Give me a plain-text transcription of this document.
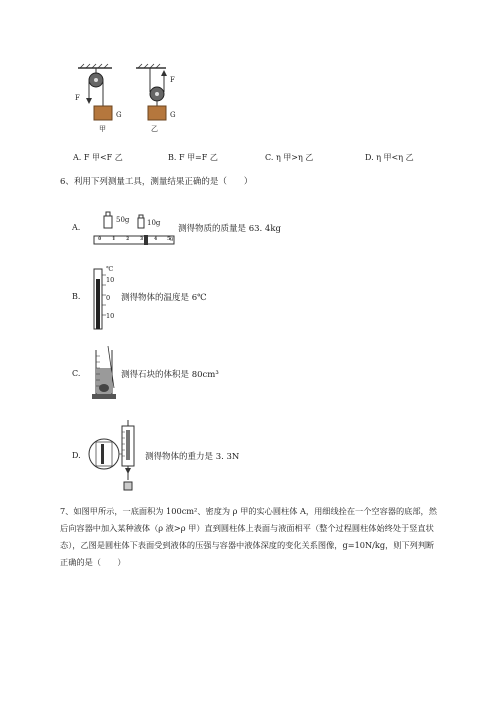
F
G
甲
F
G
乙
A. F 甲<F 乙	B. F 甲=F 乙	C. η 甲>η 乙	D. η 甲<η 乙
6、利用下列测量工具，测量结果正确的是（　　）
A.
50g	10g
0 1 2 3 4 5g
测得物质的质量是 63. 4kg
B.
℃
10
0
10
测得物体的温度是 6℃
C.	测得石块的体积是 80cm³
D.	测得物体的重力是 3. 3N
7、如图甲所示，一底面积为 100cm²、密度为 ρ 甲的实心圆柱体 A，用细线拴在一个空容器的底部，然
后向容器中加入某种液体（ρ 液>ρ 甲）直到圆柱体上表面与液面相平（整个过程圆柱体始终处于竖直状
态），乙图是圆柱体下表面受到液体的压强与容器中液体深度的变化关系图像，g=10N/kg，则下列判断
正确的是（　　）
